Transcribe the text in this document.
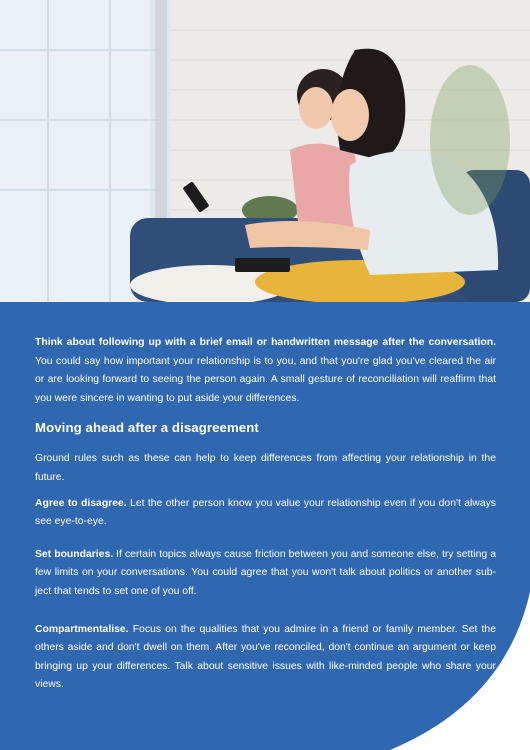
Think about following up with a brief email or handwritten message after the conversation. You could say how important your relationship is to you, and that you're glad you've cleared the air or are looking forward to seeing the person again. A small gesture of reconciliation will reaffirm that you were sincere in wanting to put aside your differences.

Moving ahead after a disagreement

Ground rules such as these can help to keep differences from affecting your relationship in the future.

Agree to disagree. Let the other person know you value your relationship even if you don't always see eye-to-eye.

Set boundaries. If certain topics always cause friction between you and someone else, try setting a few limits on your conversations. You could agree that you won't talk about politics or another sub-ject that tends to set one of you off.

Compartmentalise. Focus on the qualities that you admire in a friend or family member. Set the others aside and don't dwell on them. After you've reconciled, don't continue an argument or keep bringing up your differences. Talk about sensitive issues with like-minded people who share your views.
